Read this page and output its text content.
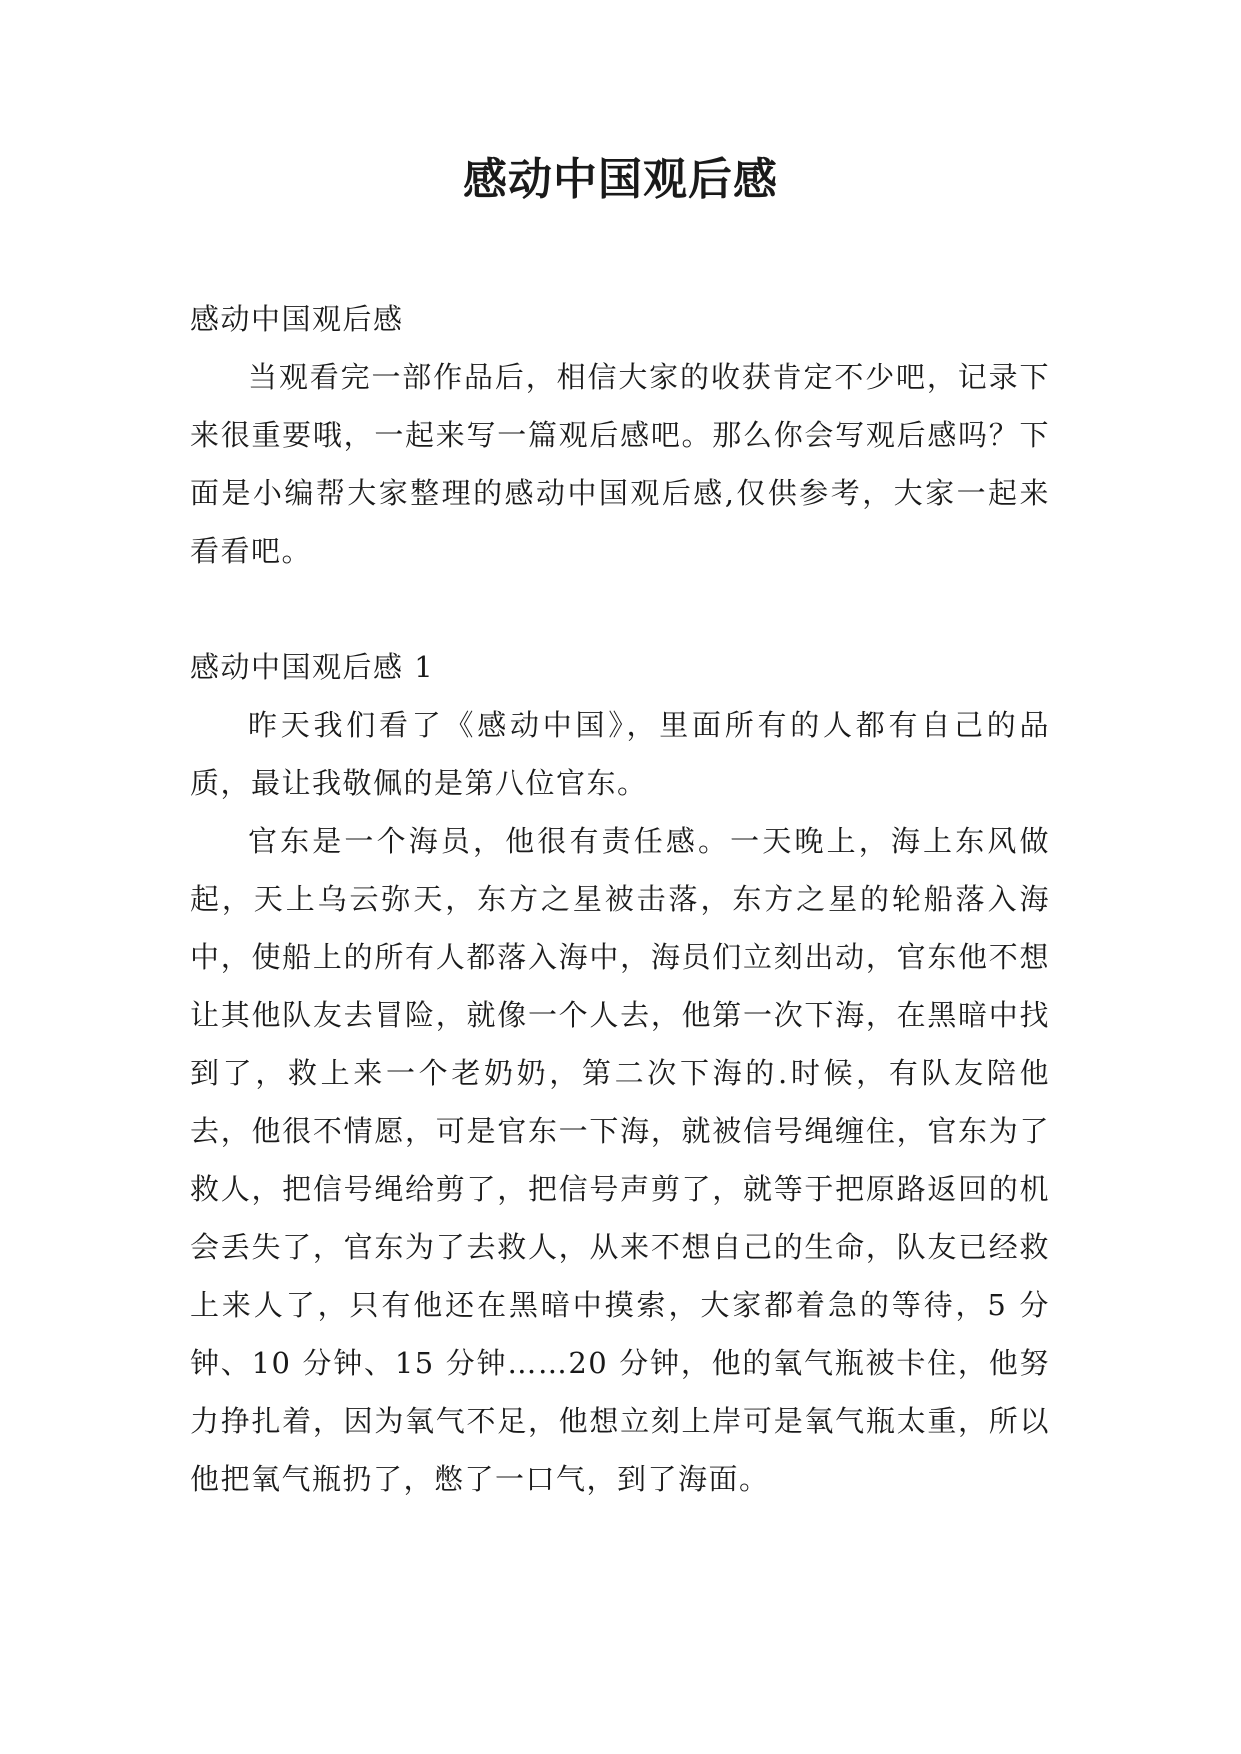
感动中国观后感

感动中国观后感

当观看完一部作品后，相信大家的收获肯定不少吧，记录下来很重要哦，一起来写一篇观后感吧。那么你会写观后感吗？下面是小编帮大家整理的感动中国观后感,仅供参考，大家一起来看看吧。

感动中国观后感 1

昨天我们看了《感动中国》，里面所有的人都有自己的品质，最让我敬佩的是第八位官东。

官东是一个海员，他很有责任感。一天晚上，海上东风做起，天上乌云弥天，东方之星被击落，东方之星的轮船落入海中，使船上的所有人都落入海中，海员们立刻出动，官东他不想让其他队友去冒险，就像一个人去，他第一次下海，在黑暗中找到了，救上来一个老奶奶，第二次下海的.时候，有队友陪他去，他很不情愿，可是官东一下海，就被信号绳缠住，官东为了救人，把信号绳给剪了，把信号声剪了，就等于把原路返回的机会丢失了，官东为了去救人，从来不想自己的生命，队友已经救上来人了，只有他还在黑暗中摸索，大家都着急的等待，5 分钟、10 分钟、15 分钟……20 分钟，他的氧气瓶被卡住，他努力挣扎着，因为氧气不足，他想立刻上岸可是氧气瓶太重，所以他把氧气瓶扔了，憋了一口气，到了海面。
